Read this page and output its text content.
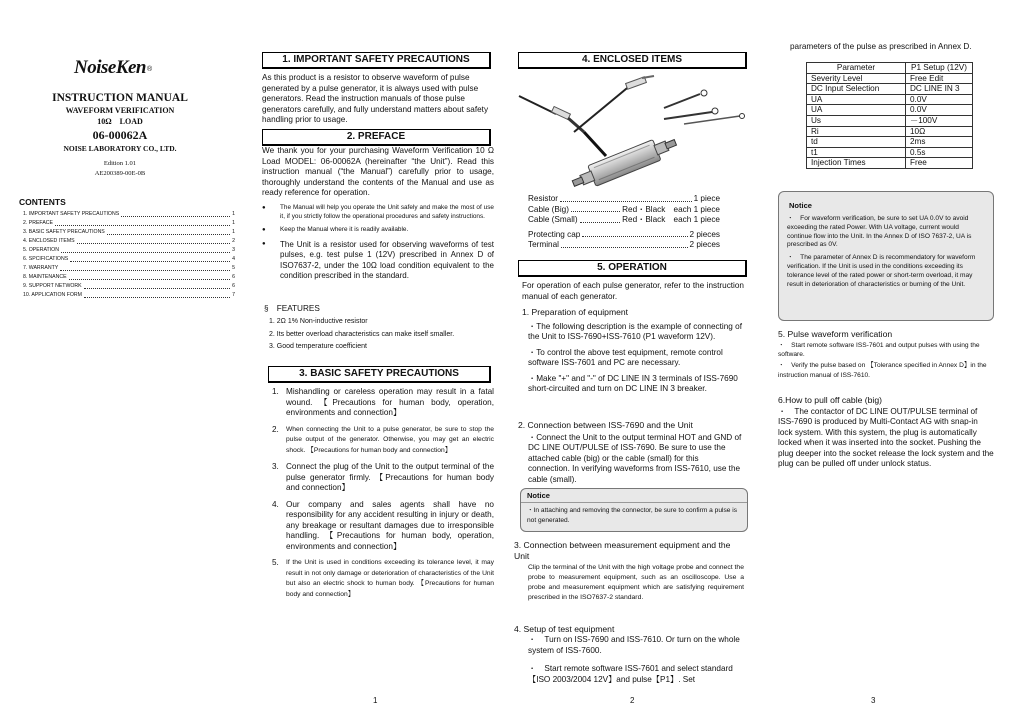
NoiseKen®
INSTRUCTION MANUAL
WAVEFORM VERIFICATION
10Ω　LOAD
06-00062A
NOISE LABORATORY CO., LTD.
Edition 1.01
AE200389-00E-0B
CONTENTS
1. IMPORTANT SAFETY PRECAUTIONS	1
2. PREFACE	1
3. BASIC SAFETY PRECAUTIONS	1
4. ENCLOSED ITEMS	2
5. OPERATION	3
6. SPCIFICATIONS	4
7. WARRANTY	5
8. MAINTENANCE	6
9. SUPPORT NETWORK	6
10. APPLICATION FORM	7
1. IMPORTANT SAFETY PRECAUTIONS
As this product is a resistor to observe waveform of pulse generated by a pulse generator, it is always used with pulse generators. Read the instruction manuals of those pulse generators carefully, and fully understand matters about safety handling prior to usage.
2. PREFACE
We thank you for your purchasing Waveform Verification 10 Ω Load MODEL: 06-00062A (hereinafter “the Unit”). Read this instruction manual (“the Manual”) carefully prior to usage, thoroughly understand the contents of the Manual and use as ready reference for operation.
●	The Manual will help you operate the Unit safely and make the most of use it, if you strictly follow the operational procedures and safety instructions.
●	Keep the Manual where it is readily available.
●	The Unit is a resistor used for observing waveforms of test pulses, e.g. test pulse 1 (12V) prescribed in Annex D of ISO7637-2, under the 10Ω load condition equivalent to the condition prescribed in the standard.
§　FEATURES
1. 2Ω 1% Non-inductive resistor
2. Its better overload characteristics can make itself smaller.
3. Good temperature coefficient
3. BASIC SAFETY PRECAUTIONS
1. Mishandling or careless operation may result in a fatal wound. 【Precautions for human body, operation, environments and connection】
2.	When connecting the Unit to a pulse generator, be sure to stop the pulse output of the generator. Otherwise, you may get an electric shock. 【Precautions for human body and connection】
3. Connect the plug of the Unit to the output terminal of the pulse generator firmly. 【Precautions for human body and connection】
4. Our company and sales agents shall have no responsibility for any accident resulting in injury or death, any breakage or resultant damages due to irresponsible handling. 【Precautions for human body, operation, environments and connection】
5.	If the Unit is used in conditions exceeding its tolerance level, it may result in not only damage or deterioration of characteristics of the Unit but also an electric shock to human body. 【Precautions for human body and connection】
1
4. ENCLOSED ITEMS
Resistor	1 piece
Cable (Big)	Red・Black　each 1 piece
Cable (Small)	Red・Black　each 1 piece
Protecting cap	2 pieces
Terminal	2 pieces
5. OPERATION
For operation of each pulse generator, refer to the instruction manual of each generator.
1. Preparation of equipment
・The following description is the example of connecting of the Unit to ISS-7690+ISS-7610 (P1 waveform 12V).
・To control the above test equipment, remote control software ISS-7601 and PC are necessary.
・Make "+" and "-" of DC LINE IN 3 terminals of ISS-7690 short-circuited and turn on DC LINE IN 3 breaker.
2. Connection between ISS-7690 and the Unit
・Connect the Unit to the output terminal HOT and GND of DC LINE OUT/PULSE of ISS-7690. Be sure to use the attached cable (big) or the cable (small) for this connection. In verifying waveforms from ISS-7610, use the cable (small).
Notice
・In attaching and removing the connector, be sure to confirm a pulse is not generated.
3. Connection between measurement equipment and the Unit
Clip the terminal of the Unit with the high voltage probe and connect the probe to measurement equipment, such as an oscilloscope. Use a probe and measurement equipment which are satisfying requirement prescribed in the ISO7637-2 standard.
4. Setup of test equipment
・　Turn on ISS-7690 and ISS-7610. Or turn on the whole system of ISS-7600.
・　Start remote software ISS-7601 and select standard 【ISO 2003/2004 12V】and pulse【P1】. Set
2
parameters of the pulse as prescribed in Annex D.
Parameter	P1 Setup (12V)
Severity Level	Free Edit
DC Input Selection	DC LINE IN 3
UA	0.0V
UA	0.0V
Us	－100V
Ri	10Ω
td	2ms
t1	0.5s
Injection Times	Free
Notice
・　For waveform verification, be sure to set UA 0.0V to avoid exceeding the rated Power. With UA voltage, current would continue flow into the Unit. In the Annex D of ISO 7637-2, UA is prescribed as 0V.
・　The parameter of Annex D is recommendatory for waveform verification. If the Unit is used in the conditions exceeding its tolerance level of the rated power or short-term overload, it may result in deterioration of characteristics or burning of the Unit.
5. Pulse waveform verification
・　Start remote software ISS-7601 and output pulses with using the software.
・　Verify the pulse based on 【Tolerance specified in Annex D】in the instruction manual of ISS-7610.
6.How to pull off cable (big)
・　The contactor of DC LINE OUT/PULSE terminal of ISS-7690 is produced by Multi-Contact AG with snap-in lock system. With this system, the plug is automatically locked when it was inserted into the socket. Pushing the plug deeper into the socket release the lock system and the plug can be pulled off under unlock status.
3
